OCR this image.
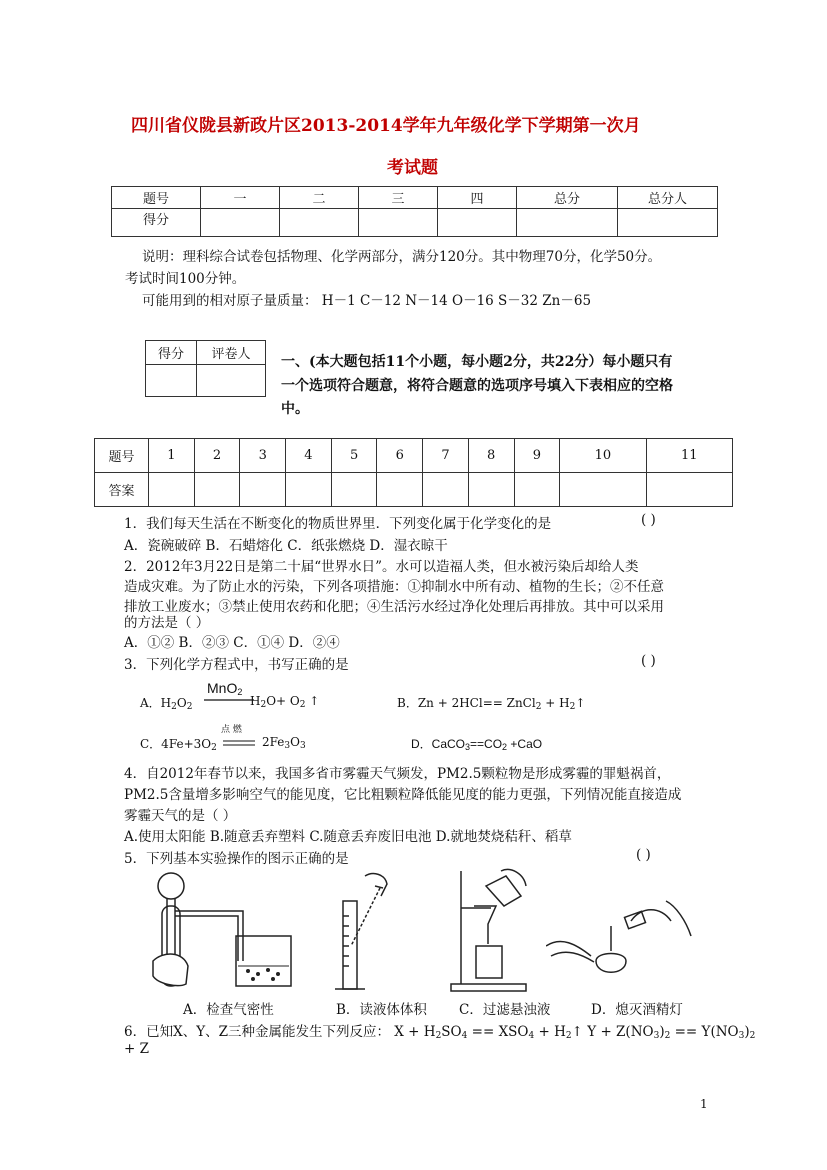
四川省仪陇县新政片区2013-2014学年九年级化学下学期第一次月
考试题
题号	一	二	三	四	总分	总分人
得分						
说明：理科综合试卷包括物理、化学两部分，满分120分。其中物理70分，化学50分。
考试时间100分钟。
可能用到的相对原子量质量： H－1 C－12 N－14 O－16 S－32 Zn－65
得分	评卷人
	一、(本大题包括11个小题，每小题2分，共22分）每小题只有
一个选项符合题意，将符合题意的选项序号填入下表相应的空格
中。
题号	1	2	3	4	5	6	7	8	9	10	11
答案											
1．我们每天生活在不断变化的物质世界里．下列变化属于化学变化的是	( )
A．瓷碗破碎 B．石蜡熔化 C．纸张燃烧 D．湿衣晾干
2．2012年3月22日是第二十届“世界水日”。水可以造福人类，但水被污染后却给人类
造成灾难。为了防止水的污染，下列各项措施：①抑制水中所有动、植物的生长；②不任意
排放工业废水；③禁止使用农药和化肥；④生活污水经过净化处理后再排放。其中可以采用
的方法是（ ）
A．①② B．②③ C．①④ D．②④
3．下列化学方程式中，书写正确的是	( )
A．$H_2O_2$
MnO$_2$
$H_2O+ O_2$ ↑	B．Zn + 2HCl== ZnCl$_2$ + $H_2↑$
C．$4Fe+3O_2$
点 燃
$2Fe_3O_3$	D．$CaCO_3==CO_2 +CaO$
4．自2012年春节以来，我国多省市雾霾天气频发，PM2.5颗粒物是形成雾霾的罪魁祸首，
PM2.5含量增多影响空气的能见度，它比粗颗粒降低能见度的能力更强，下列情况能直接造成
雾霾天气的是（ ）
A.使用太阳能 B.随意丢弃塑料 C.随意丢弃废旧电池 D.就地焚烧秸秆、稻草
5．下列基本实验操作的图示正确的是	( )
A．检查气密性	B．读液体体积 C．过滤悬浊液	D．熄灭酒精灯
6．已知X、Y、Z三种金属能发生下列反应： $X + H_2SO_4 == XSO_4$ + $H_2↑$ $Y + Z(NO_3)_2 == Y(NO_3)_2$
+ Z
1
